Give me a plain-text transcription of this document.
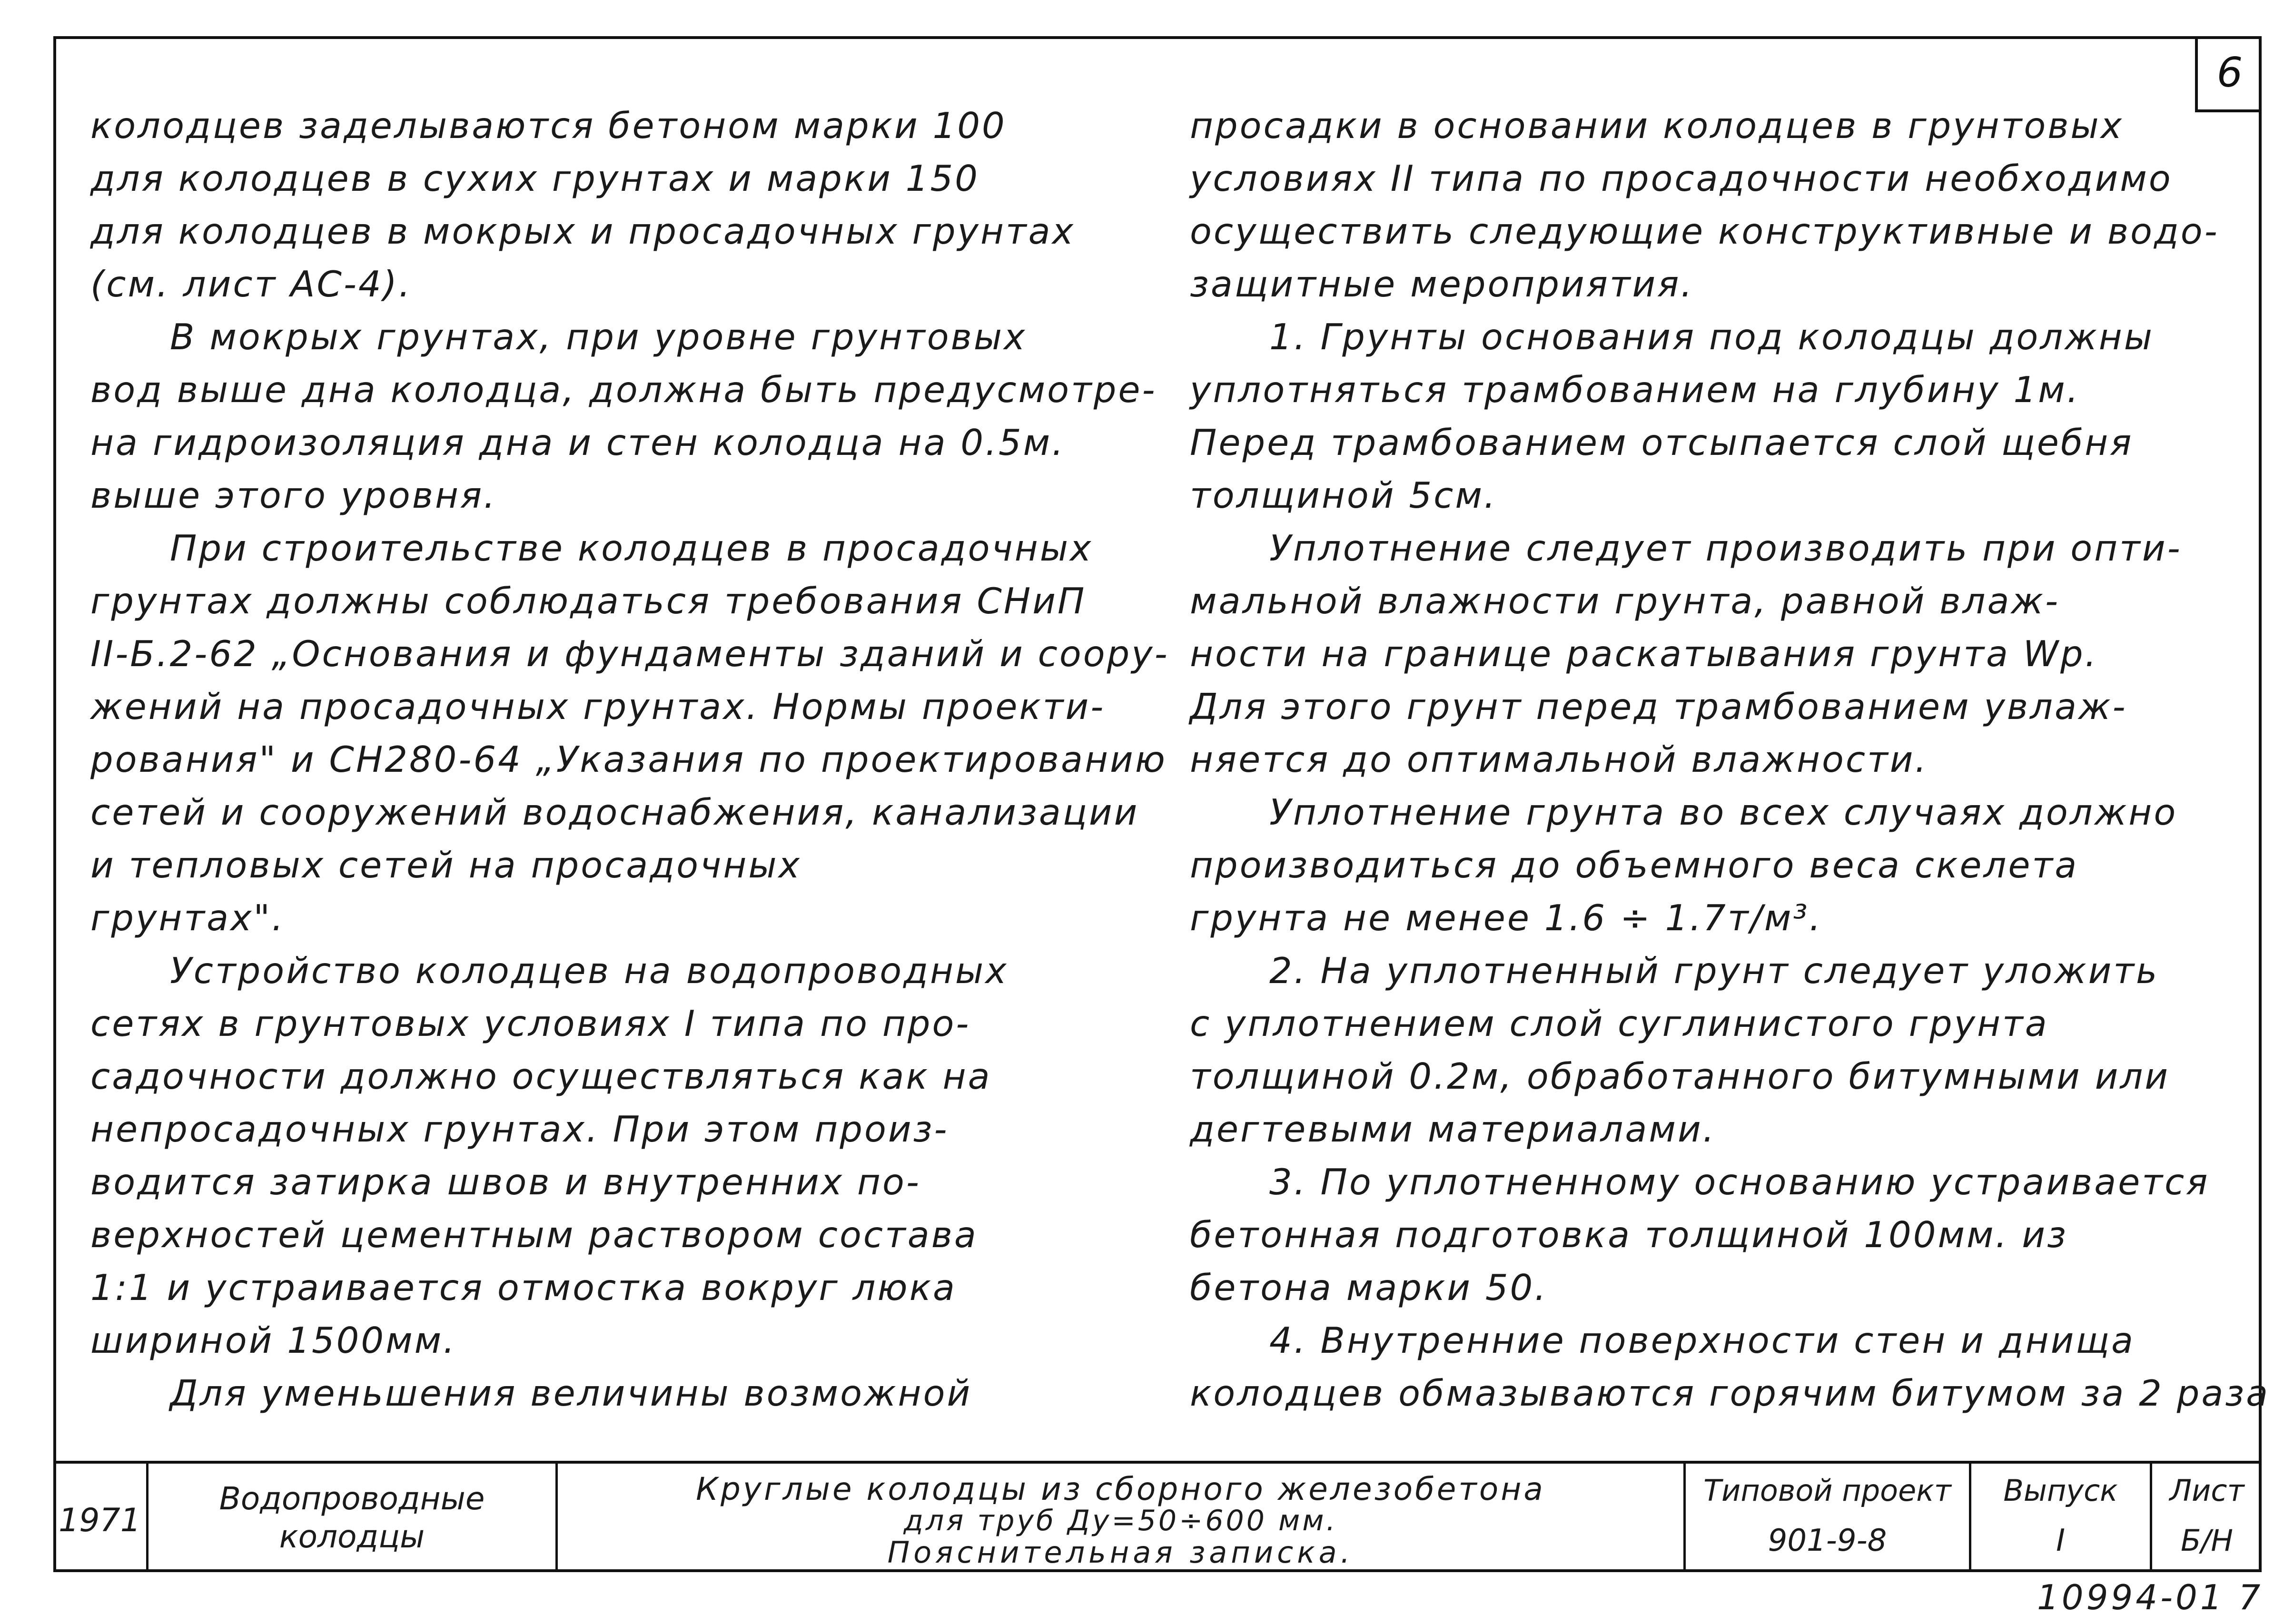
6
колодцев заделываются бетоном марки 100
для колодцев в сухих грунтах и марки 150
для колодцев в мокрых и просадочных грунтах
(см. лист АС-4).
В мокрых грунтах, при уровне грунтовых
вод выше дна колодца, должна быть предусмотре-
на гидроизоляция дна и стен колодца на 0.5м.
выше этого уровня.
При строительстве колодцев в просадочных
грунтах должны соблюдаться требования СНиП
II-Б.2-62 „Основания и фундаменты зданий и соору-
жений на просадочных грунтах. Нормы проекти-
рования" и СН280-64 „Указания по проектированию
сетей и сооружений водоснабжения, канализации
и тепловых сетей на просадочных
грунтах".
Устройство колодцев на водопроводных
сетях в грунтовых условиях I типа по про-
садочности должно осуществляться как на
непросадочных грунтах. При этом произ-
водится затирка швов и внутренних по-
верхностей цементным раствором состава
1:1 и устраивается отмостка вокруг люка
шириной 1500мм.
Для уменьшения величины возможной
просадки в основании колодцев в грунтовых
условиях II типа по просадочности необходимо
осуществить следующие конструктивные и водо-
защитные мероприятия.
1. Грунты основания под колодцы должны
уплотняться трамбованием на глубину 1м.
Перед трамбованием отсыпается слой щебня
толщиной 5см.
Уплотнение следует производить при опти-
мальной влажности грунта, равной влаж-
ности на границе раскатывания грунта Wp.
Для этого грунт перед трамбованием увлаж-
няется до оптимальной влажности.
Уплотнение грунта во всех случаях должно
производиться до объемного веса скелета
грунта не менее 1.6 ÷ 1.7т/м³.
2. На уплотненный грунт следует уложить
с уплотнением слой суглинистого грунта
толщиной 0.2м, обработанного битумными или
дегтевыми материалами.
3. По уплотненному основанию устраивается
бетонная подготовка толщиной 100мм. из
бетона марки 50.
4. Внутренние поверхности стен и днища
колодцев обмазываются горячим битумом за 2 раза
1971
Водопроводные
колодцы
Круглые колодцы из сборного железобетона
для труб Ду=50÷600 мм.
Пояснительная записка.
Типовой проект
901-9-8
Выпуск
I
Лист
Б/Н
10994-01 7
